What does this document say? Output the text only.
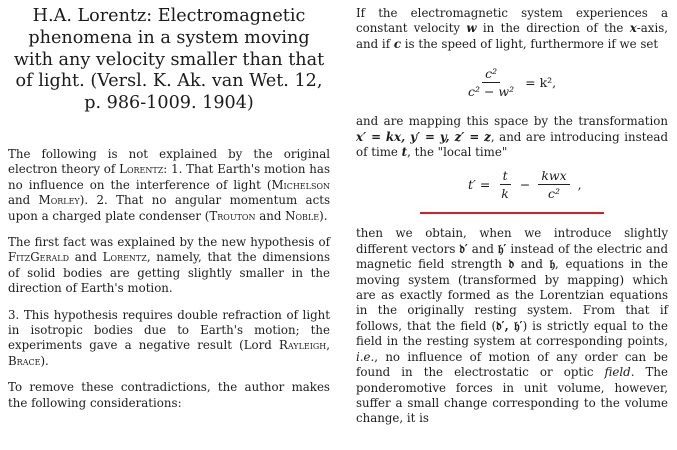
H.A. Lorentz: Electromagnetic phenomena in a system moving with any velocity smaller than that of light. (Versl. K. Ak. van Wet. 12, p. 986-1009. 1904)

The following is not explained by the original electron theory of Lorentz: 1. That Earth's motion has no influence on the interference of light (Michelson and Morley). 2. That no angular momentum acts upon a charged plate condenser (Trouton and Noble).

The first fact was explained by the new hypothesis of FitzGerald and Lorentz, namely, that the dimensions of solid bodies are getting slightly smaller in the direction of Earth's motion.

3. This hypothesis requires double refraction of light in isotropic bodies due to Earth's motion; the experiments gave a negative result (Lord Rayleigh, Brace).

To remove these contradictions, the author makes the following considerations:

If the electromagnetic system experiences a constant velocity w in the direction of the x-axis, and if c is the speed of light, furthermore if we set

$\frac{\text{c²}}{\text{c² − w²}} = k^2$,

and are mapping this space by the transformation x′ = kx, y′ = y, z′ = z, and are introducing instead of time t, the "local time"

$t' = \frac{t}{k} - \frac{\text{kwx}}{\text{c²}}$ ,

then we obtain, when we introduce slightly different vectors 𝔡′ and 𝔥′ instead of the electric and magnetic field strength 𝔡 and 𝔥, equations in the moving system (transformed by mapping) which are as exactly formed as the Lorentzian equations in the originally resting system. From that if follows, that the field (𝔡′, 𝔥′) is strictly equal to the field in the resting system at corresponding points, i.e., no influence of motion of any order can be found in the electrostatic or optic field. The ponderomotive forces in unit volume, however, suffer a small change corresponding to the volume change, it is
